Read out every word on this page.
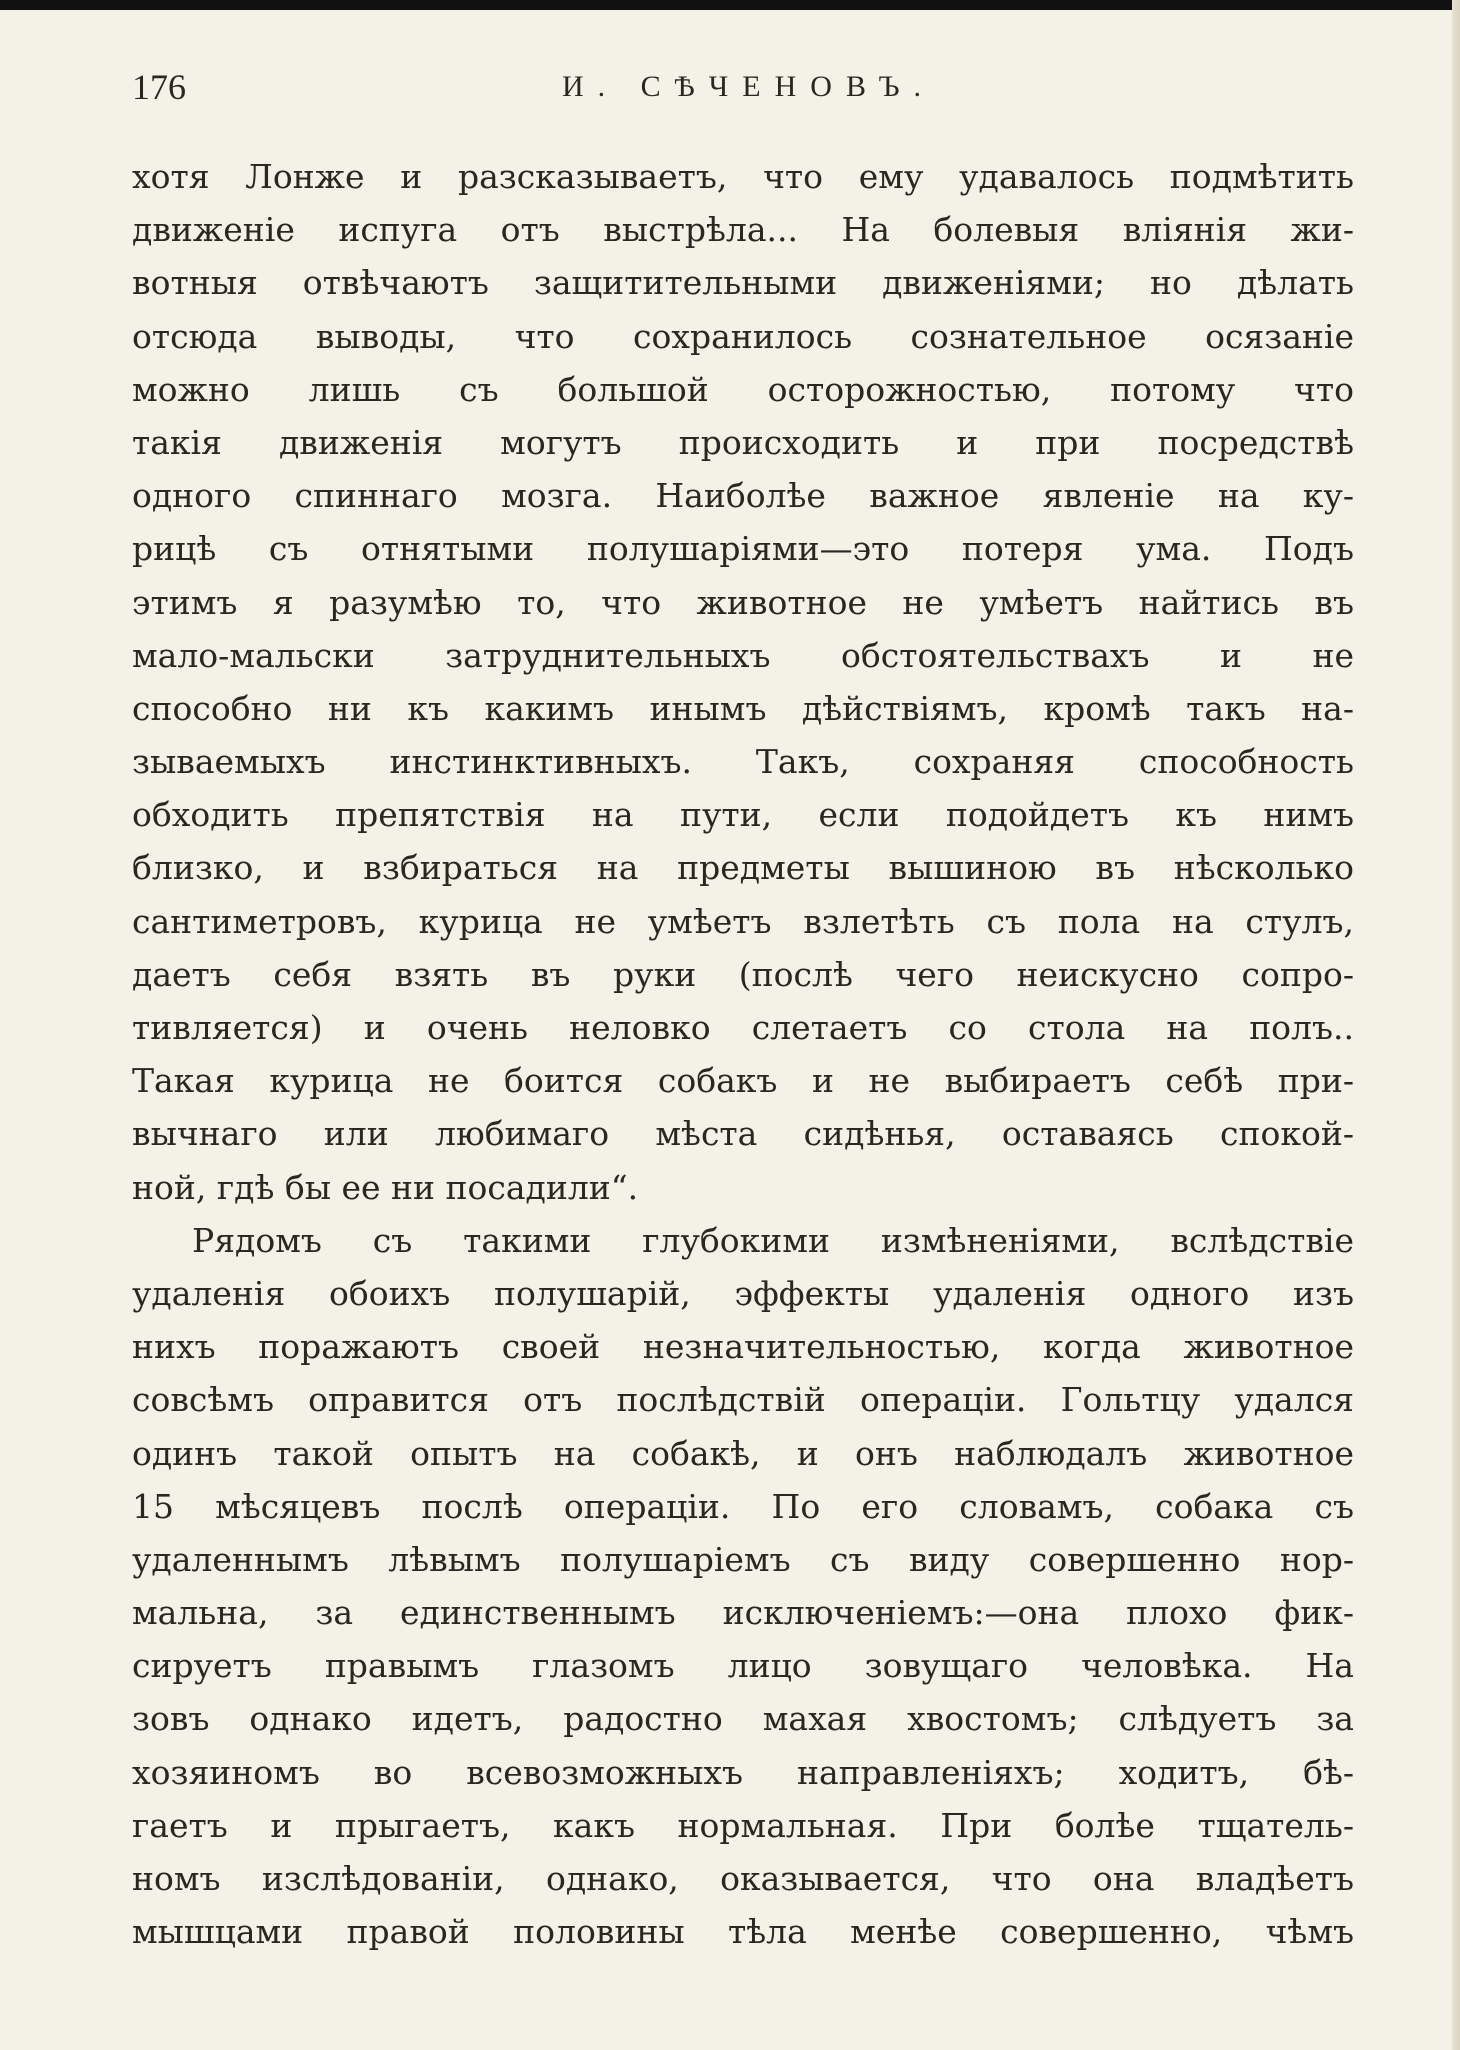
176	И. СѢЧЕНОВЪ.
хотя Лонже и разсказываетъ, что ему удавалось подмѣтить
движеніе испуга отъ выстрѣла... На болевыя вліянія жи-
вотныя отвѣчаютъ защитительными движеніями; но дѣлать
отсюда выводы, что сохранилось сознательное осязаніе
можно лишь съ большой осторожностью, потому что
такія движенія могутъ происходить и при посредствѣ
одного спиннаго мозга. Наиболѣе важное явленіе на ку-
рицѣ съ отнятыми полушаріями—это потеря ума. Подъ
этимъ я разумѣю то, что животное не умѣетъ найтись въ
мало-мальски затруднительныхъ обстоятельствахъ и не
способно ни къ какимъ инымъ дѣйствіямъ, кромѣ такъ на-
зываемыхъ инстинктивныхъ. Такъ, сохраняя способность
обходить препятствія на пути, если подойдетъ къ нимъ
близко, и взбираться на предметы вышиною въ нѣсколько
сантиметровъ, курица не умѣетъ взлетѣть съ пола на стулъ,
даетъ себя взять въ руки (послѣ чего неискусно сопро-
тивляется) и очень неловко слетаетъ со стола на полъ..
Такая курица не боится собакъ и не выбираетъ себѣ при-
вычнаго или любимаго мѣста сидѣнья, оставаясь спокой-
ной, гдѣ бы ее ни посадили“.
Рядомъ съ такими глубокими измѣненіями, вслѣдствіе
удаленія обоихъ полушарій, эффекты удаленія одного изъ
нихъ поражаютъ своей незначительностью, когда животное
совсѣмъ оправится отъ послѣдствій операціи. Гольтцу удался
одинъ такой опытъ на собакѣ, и онъ наблюдалъ животное
15 мѣсяцевъ послѣ операціи. По его словамъ, собака съ
удаленнымъ лѣвымъ полушаріемъ съ виду совершенно нор-
мальна, за единственнымъ исключеніемъ:—она плохо фик-
сируетъ правымъ глазомъ лицо зовущаго человѣка. На
зовъ однако идетъ, радостно махая хвостомъ; слѣдуетъ за
хозяиномъ во всевозможныхъ направленіяхъ; ходитъ, бѣ-
гаетъ и прыгаетъ, какъ нормальная. При болѣе тщатель-
номъ изслѣдованіи, однако, оказывается, что она владѣетъ
мышцами правой половины тѣла менѣе совершенно, чѣмъ
